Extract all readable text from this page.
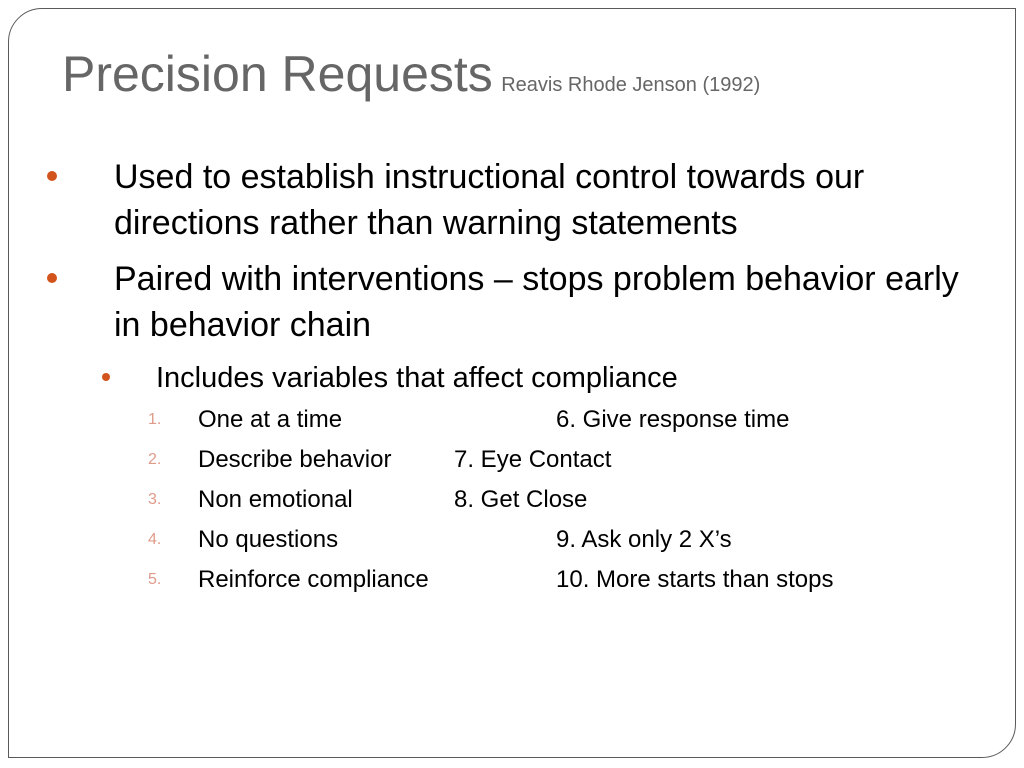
Precision Requests Reavis Rhode Jenson (1992)
Used to establish instructional control towards our directions rather than warning statements
Paired with interventions – stops problem behavior early in behavior chain
Includes variables that affect compliance
1. One at a time	6. Give response time
2. Describe behavior	7. Eye Contact
3. Non emotional	8. Get Close
4. No questions	9. Ask only 2 X’s
5. Reinforce compliance	10. More starts than stops
